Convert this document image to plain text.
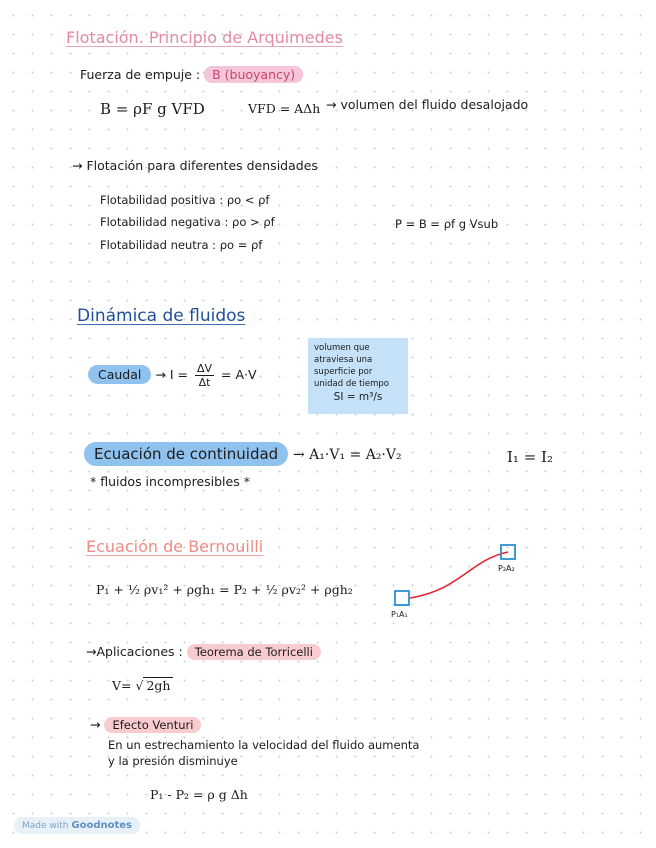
Flotación. Principio de Arquimedes
Fuerza de empuje : B (buoyancy)
B = ρF g VFD	VFD = AΔh → volumen del fluido desalojado
→ Flotación para diferentes densidades
Flotabilidad positiva : ρo < ρf
Flotabilidad negativa : ρo > ρf
Flotabilidad neutra : ρo = ρf
P = B = ρf g Vsub
Dinámica de fluidos
Caudal → $I = \frac{\Delta V}{\Delta t} = A\cdot V$
volumen que atraviesa una superficie por unidad de tiempo
SI = m³/s
Ecuación de continuidad → A₁·V₁ = A₂·V₂	I₁ = I₂
* fluidos incompresibles *
Ecuación de Bernouilli
P₁ + ½ ρv₁² + ρgh₁ = P₂ + ½ ρv₂² + ρgh₂
P₁A₁
P₂A₂
→Aplicaciones : Teorema de Torricelli
V= √ 2gh
→ Efecto Venturi
En un estrechamiento la velocidad del fluido aumenta
y la presión disminuye
P₁ - P₂ = ρ g Δh
Made with Goodnotes
